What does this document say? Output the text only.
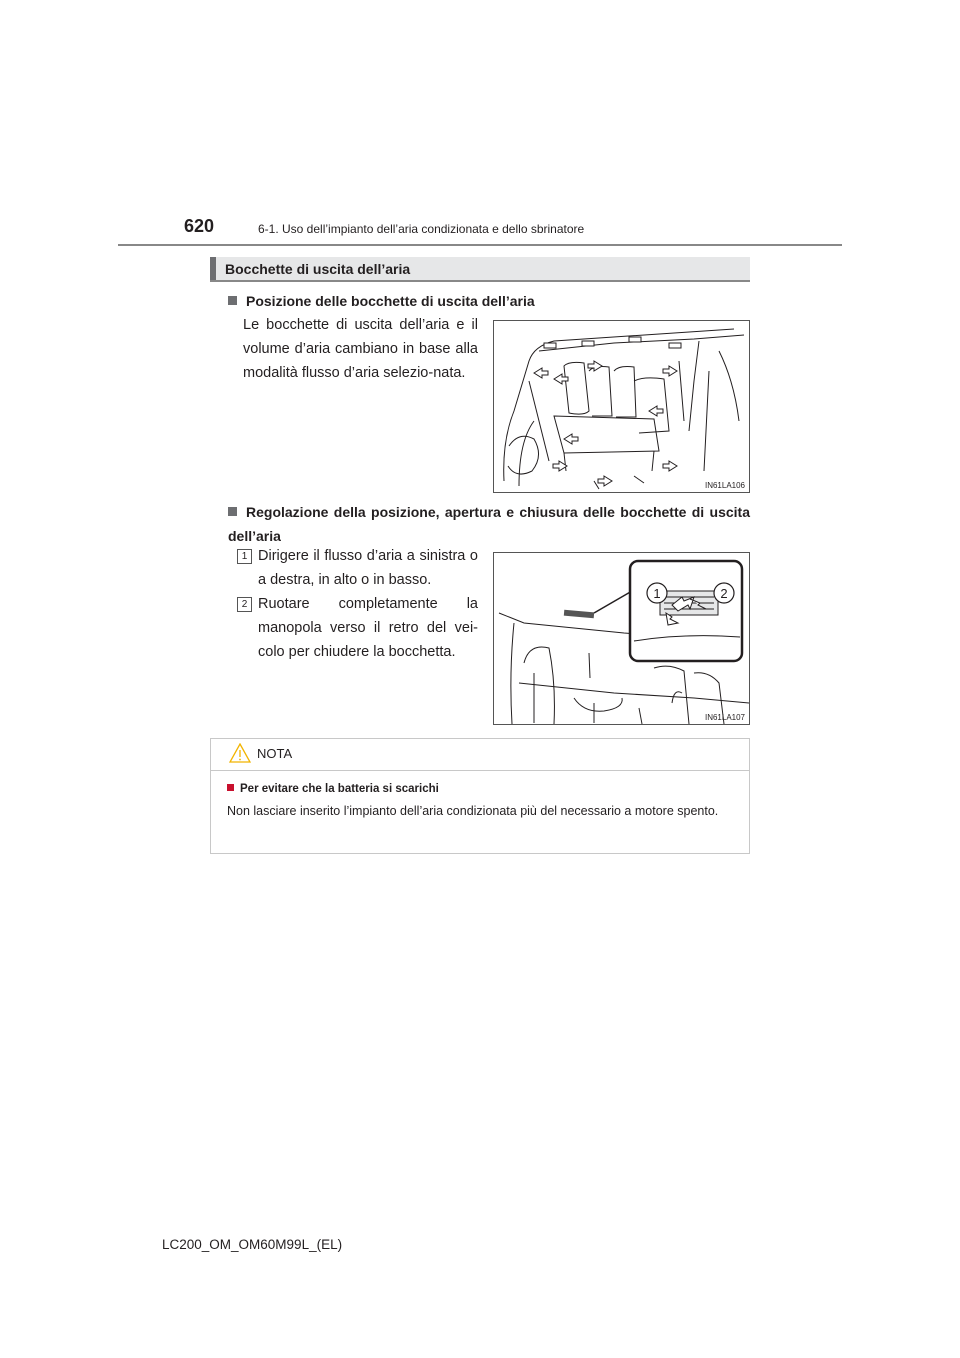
620	6-1. Uso dell’impianto dell’aria condizionata e dello sbrinatore
Bocchette di uscita dell’aria
Posizione delle bocchette di uscita dell’aria
Le bocchette di uscita dell’aria e il volume d’aria cambiano in base alla modalità flusso d’aria selezio-nata.
IN61LA106
Regolazione della posizione, apertura e chiusura delle bocchette di uscita dell’aria
1 Dirigere il flusso d’aria a sinistra o a destra, in alto o in basso.
2 Ruotare completamente la manopola verso il retro del vei-colo per chiudere la bocchetta.
1	2
IN61LA107
NOTA
Per evitare che la batteria si scarichi
Non lasciare inserito l’impianto dell’aria condizionata più del necessario a motore spento.
LC200_OM_OM60M99L_(EL)
